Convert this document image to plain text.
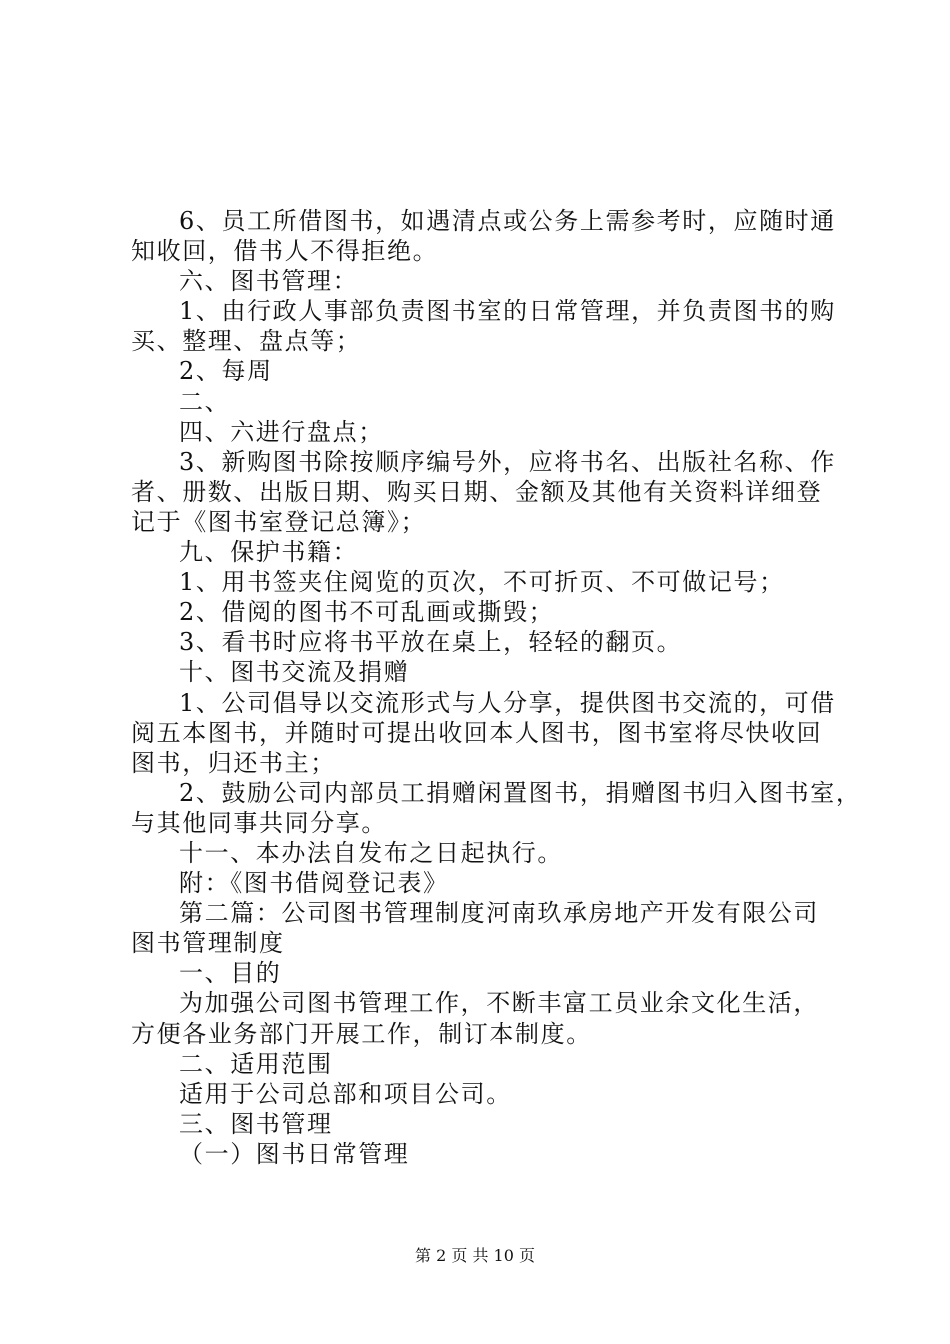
6、员工所借图书，如遇清点或公务上需参考时，应随时通
知收回，借书人不得拒绝。
六、图书管理：
1、由行政人事部负责图书室的日常管理，并负责图书的购
买、整理、盘点等；
2、每周
二、
四、六进行盘点；
3、新购图书除按顺序编号外，应将书名、出版社名称、作
者、册数、出版日期、购买日期、金额及其他有关资料详细登
记于《图书室登记总簿》；
九、保护书籍：
1、用书签夹住阅览的页次，不可折页、不可做记号；
2、借阅的图书不可乱画或撕毁；
3、看书时应将书平放在桌上，轻轻的翻页。
十、图书交流及捐赠
1、公司倡导以交流形式与人分享，提供图书交流的，可借
阅五本图书，并随时可提出收回本人图书，图书室将尽快收回
图书，归还书主；
2、鼓励公司内部员工捐赠闲置图书，捐赠图书归入图书室，
与其他同事共同分享。
十一、本办法自发布之日起执行。
附：《图书借阅登记表》
第二篇：公司图书管理制度河南玖承房地产开发有限公司
图书管理制度
一、目的
为加强公司图书管理工作，不断丰富工员业余文化生活，
方便各业务部门开展工作，制订本制度。
二、适用范围
适用于公司总部和项目公司。
三、图书管理
（一）图书日常管理
第 2 页 共 10 页
